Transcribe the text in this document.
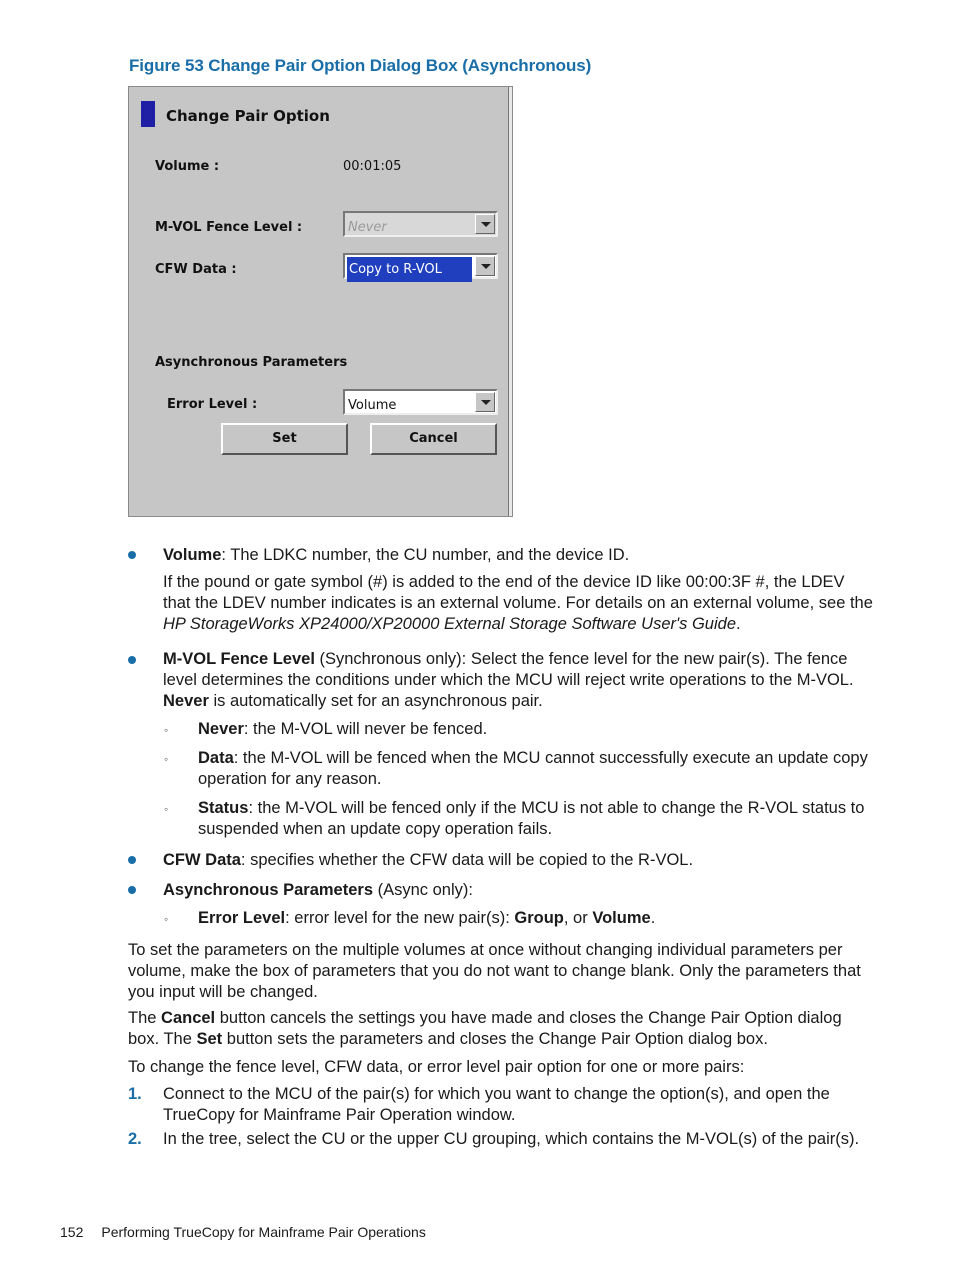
Figure 53 Change Pair Option Dialog Box (Asynchronous)
Change Pair Option
Volume :	00:01:05
M-VOL Fence Level :	Never
CFW Data :	Copy to R-VOL
Asynchronous Parameters
Error Level :	Volume
Set	Cancel
Volume: The LDKC number, the CU number, and the device ID.
If the pound or gate symbol (#) is added to the end of the device ID like 00:00:3F #, the LDEV that the LDEV number indicates is an external volume. For details on an external volume, see the HP StorageWorks XP24000/XP20000 External Storage Software User's Guide.
M-VOL Fence Level (Synchronous only): Select the fence level for the new pair(s). The fence level determines the conditions under which the MCU will reject write operations to the M-VOL. Never is automatically set for an asynchronous pair.
◦ Never: the M-VOL will never be fenced.
◦ Data: the M-VOL will be fenced when the MCU cannot successfully execute an update copy operation for any reason.
◦ Status: the M-VOL will be fenced only if the MCU is not able to change the R-VOL status to suspended when an update copy operation fails.
CFW Data: specifies whether the CFW data will be copied to the R-VOL.
Asynchronous Parameters (Async only):
◦ Error Level: error level for the new pair(s): Group, or Volume.
To set the parameters on the multiple volumes at once without changing individual parameters per volume, make the box of parameters that you do not want to change blank. Only the parameters that you input will be changed.
The Cancel button cancels the settings you have made and closes the Change Pair Option dialog box. The Set button sets the parameters and closes the Change Pair Option dialog box.
To change the fence level, CFW data, or error level pair option for one or more pairs:
1. Connect to the MCU of the pair(s) for which you want to change the option(s), and open the TrueCopy for Mainframe Pair Operation window.
2. In the tree, select the CU or the upper CU grouping, which contains the M-VOL(s) of the pair(s).
152 Performing TrueCopy for Mainframe Pair Operations
